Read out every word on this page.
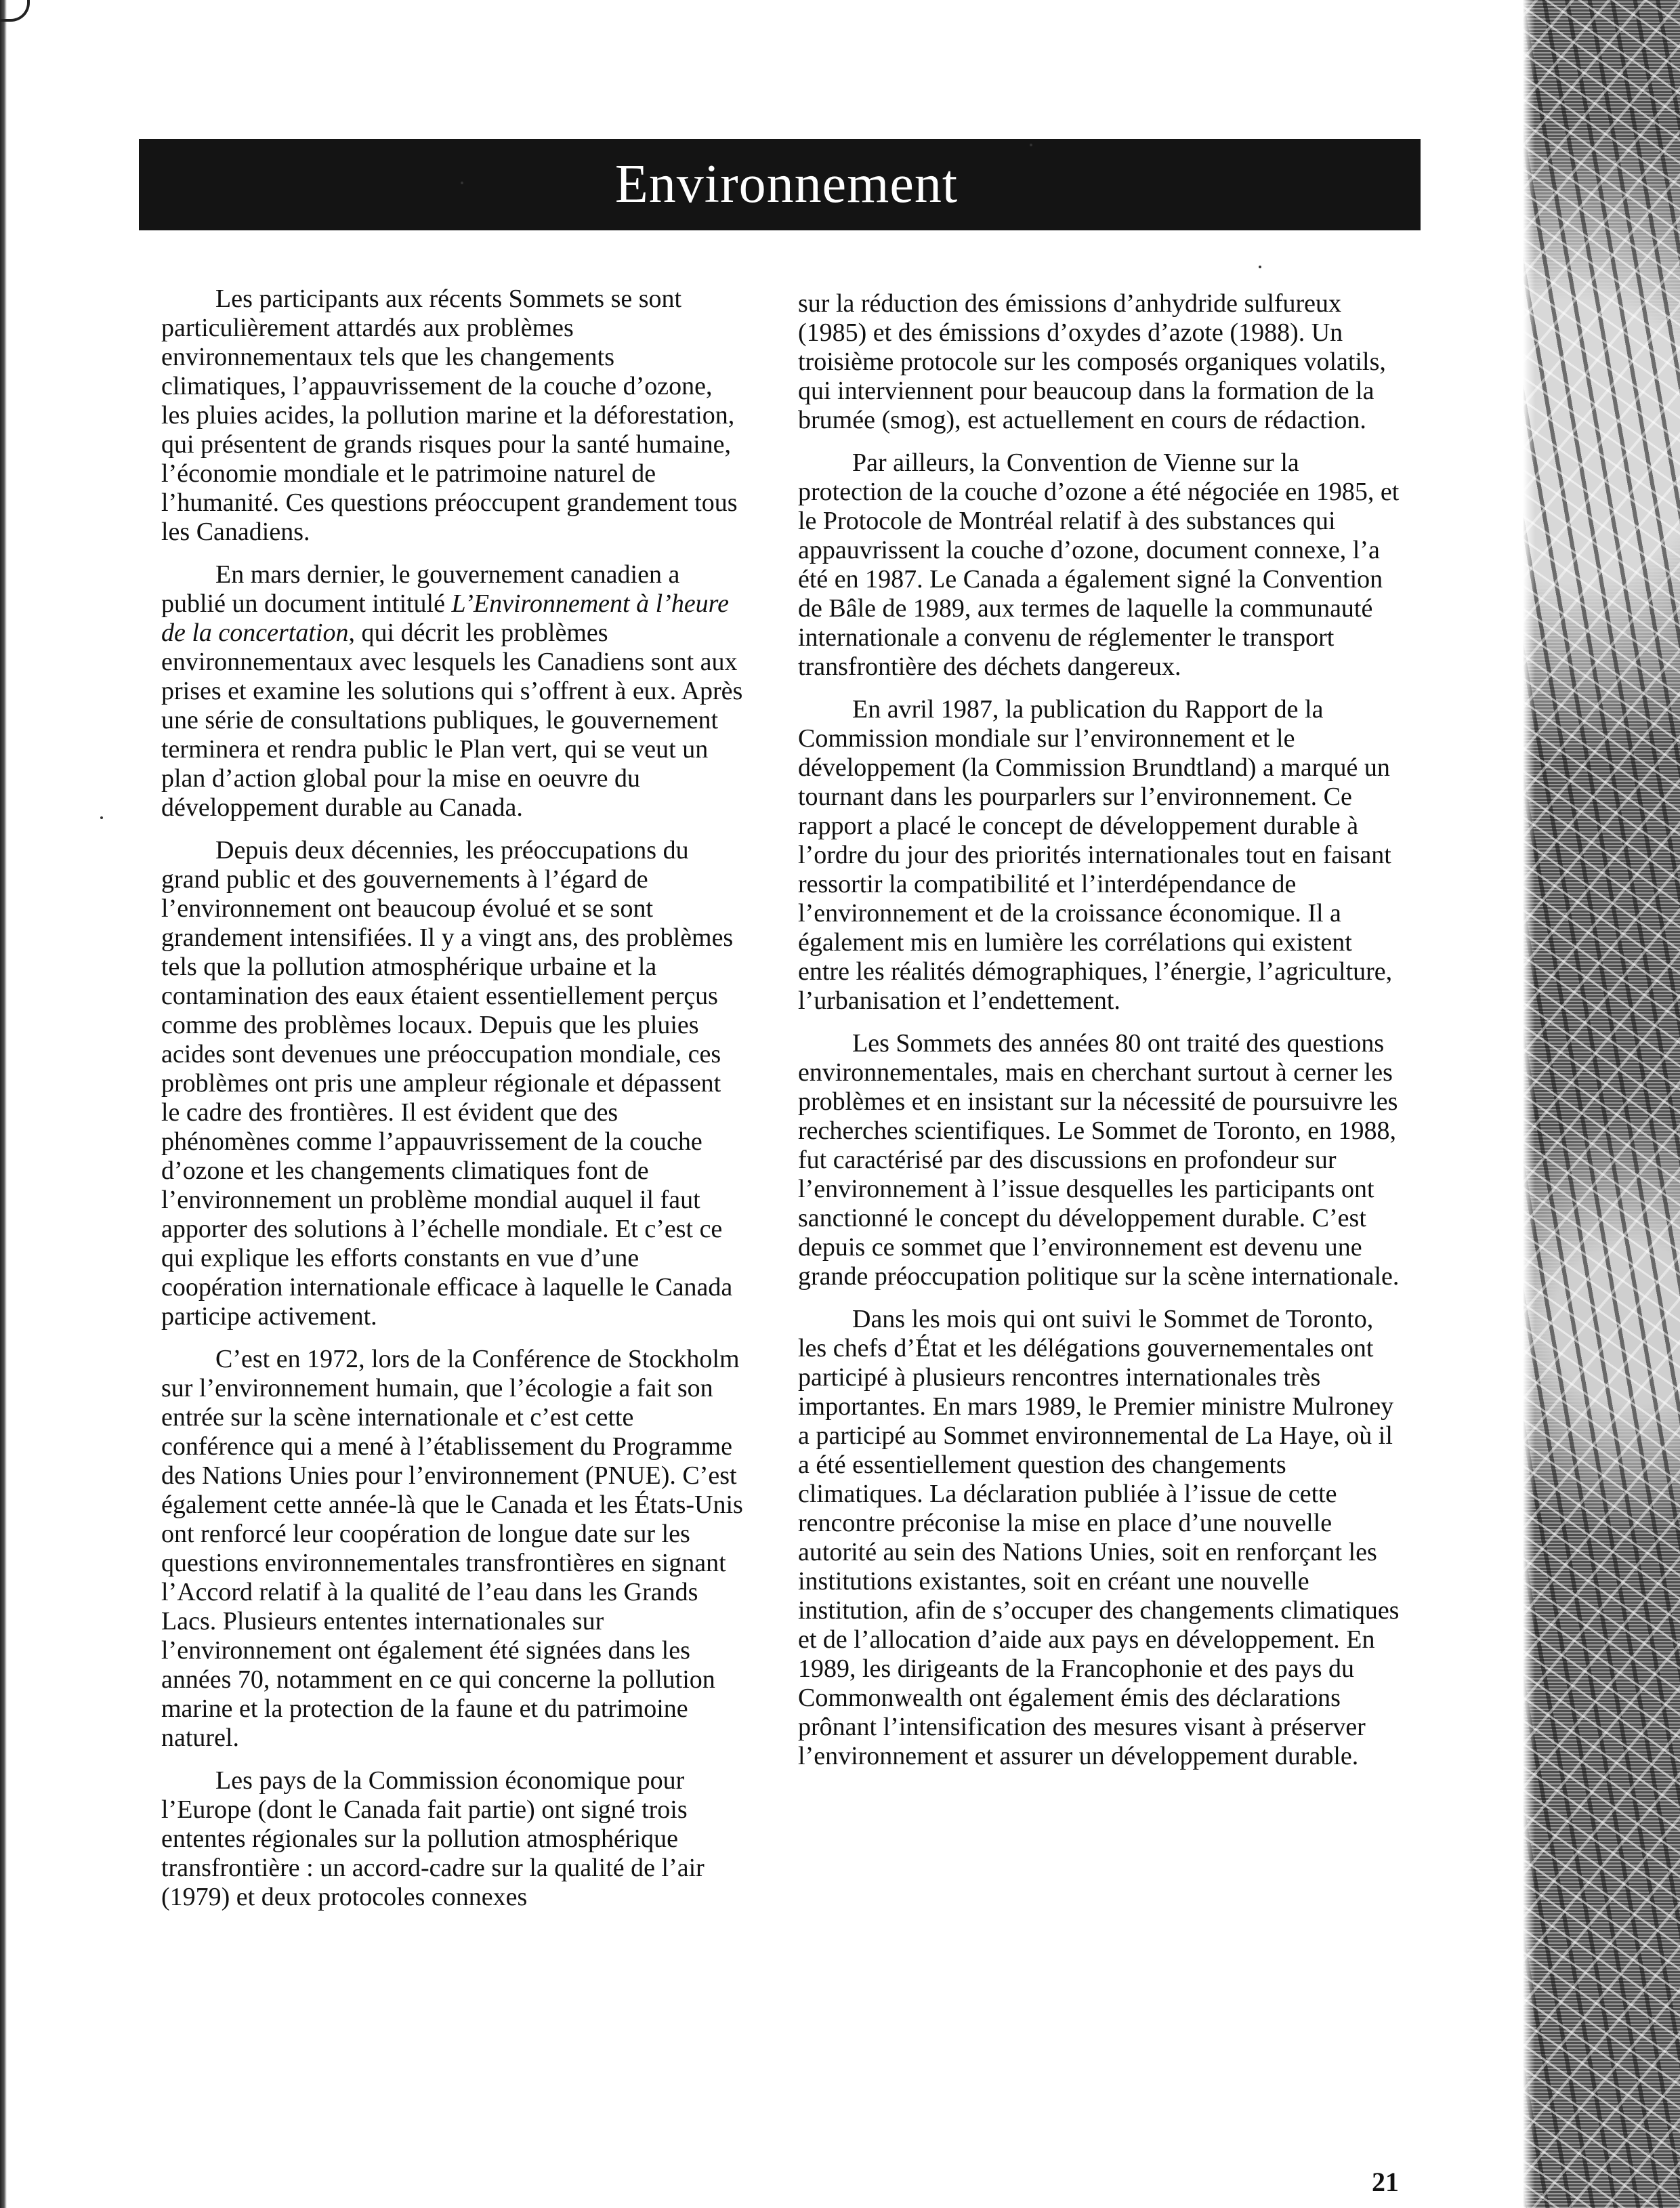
Environnement

Les participants aux récents Sommets se sont particulièrement attardés aux problèmes environnementaux tels que les changements climatiques, l’appauvrissement de la couche d’ozone, les pluies acides, la pollution marine et la déforestation, qui présentent de grands risques pour la santé humaine, l’économie mondiale et le patrimoine naturel de l’humanité. Ces questions préoccupent grandement tous les Canadiens.

En mars dernier, le gouvernement canadien a publié un document intitulé L’Environnement à l’heure de la concertation, qui décrit les problèmes environnementaux avec lesquels les Canadiens sont aux prises et examine les solutions qui s’offrent à eux. Après une série de consultations publiques, le gouvernement terminera et rendra public le Plan vert, qui se veut un plan d’action global pour la mise en oeuvre du développement durable au Canada.

Depuis deux décennies, les préoccupations du grand public et des gouvernements à l’égard de l’environnement ont beaucoup évolué et se sont grandement intensifiées. Il y a vingt ans, des problèmes tels que la pollution atmosphérique urbaine et la contamination des eaux étaient essentiellement perçus comme des problèmes locaux. Depuis que les pluies acides sont devenues une préoccupation mondiale, ces problèmes ont pris une ampleur régionale et dépassent le cadre des frontières. Il est évident que des phénomènes comme l’appauvrissement de la couche d’ozone et les changements climatiques font de l’environnement un problème mondial auquel il faut apporter des solutions à l’échelle mondiale. Et c’est ce qui explique les efforts constants en vue d’une coopération internationale efficace à laquelle le Canada participe activement.

C’est en 1972, lors de la Conférence de Stockholm sur l’environnement humain, que l’écologie a fait son entrée sur la scène internationale et c’est cette conférence qui a mené à l’établissement du Programme des Nations Unies pour l’environnement (PNUE). C’est également cette année-là que le Canada et les États-Unis ont renforcé leur coopération de longue date sur les questions environnementales transfrontières en signant l’Accord relatif à la qualité de l’eau dans les Grands Lacs. Plusieurs ententes internationales sur l’environnement ont également été signées dans les années 70, notamment en ce qui concerne la pollution marine et la protection de la faune et du patrimoine naturel.

Les pays de la Commission économique pour l’Europe (dont le Canada fait partie) ont signé trois ententes régionales sur la pollution atmosphérique transfrontière : un accord-cadre sur la qualité de l’air (1979) et deux protocoles connexes

sur la réduction des émissions d’anhydride sulfureux (1985) et des émissions d’oxydes d’azote (1988). Un troisième protocole sur les composés organiques volatils, qui interviennent pour beaucoup dans la formation de la brumée (smog), est actuellement en cours de rédaction.

Par ailleurs, la Convention de Vienne sur la protection de la couche d’ozone a été négociée en 1985, et le Protocole de Montréal relatif à des substances qui appauvrissent la couche d’ozone, document connexe, l’a été en 1987. Le Canada a également signé la Convention de Bâle de 1989, aux termes de laquelle la communauté internationale a convenu de réglementer le transport transfrontière des déchets dangereux.

En avril 1987, la publication du Rapport de la Commission mondiale sur l’environnement et le développement (la Commission Brundtland) a marqué un tournant dans les pourparlers sur l’environnement. Ce rapport a placé le concept de développement durable à l’ordre du jour des priorités internationales tout en faisant ressortir la compatibilité et l’interdépendance de l’environnement et de la croissance économique. Il a également mis en lumière les corrélations qui existent entre les réalités démographiques, l’énergie, l’agriculture, l’urbanisation et l’endettement.

Les Sommets des années 80 ont traité des questions environnementales, mais en cherchant surtout à cerner les problèmes et en insistant sur la nécessité de poursuivre les recherches scientifiques. Le Sommet de Toronto, en 1988, fut caractérisé par des discussions en profondeur sur l’environnement à l’issue desquelles les participants ont sanctionné le concept du développement durable. C’est depuis ce sommet que l’environnement est devenu une grande préoccupation politique sur la scène internationale.

Dans les mois qui ont suivi le Sommet de Toronto, les chefs d’État et les délégations gouvernementales ont participé à plusieurs rencontres internationales très importantes. En mars 1989, le Premier ministre Mulroney a participé au Sommet environnemental de La Haye, où il a été essentiellement question des changements climatiques. La déclaration publiée à l’issue de cette rencontre préconise la mise en place d’une nouvelle autorité au sein des Nations Unies, soit en renforçant les institutions existantes, soit en créant une nouvelle institution, afin de s’occuper des changements climatiques et de l’allocation d’aide aux pays en développement. En 1989, les dirigeants de la Francophonie et des pays du Commonwealth ont également émis des déclarations prônant l’intensification des mesures visant à préserver l’environnement et assurer un développement durable.

21
